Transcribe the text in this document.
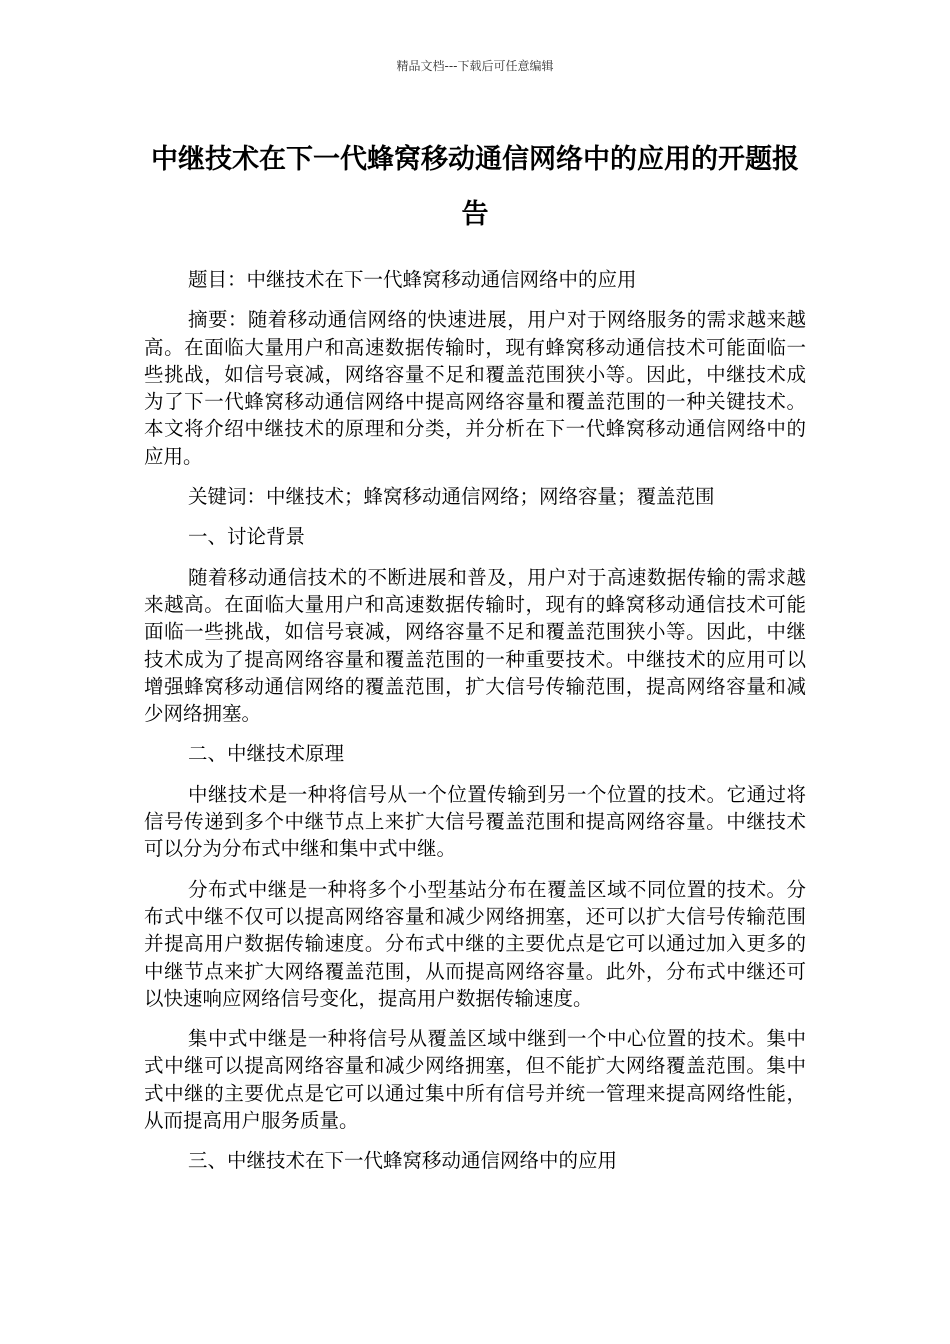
精品文档---下载后可任意编辑
中继技术在下一代蜂窝移动通信网络中的应用的开题报告

题目：中继技术在下一代蜂窝移动通信网络中的应用

摘要：随着移动通信网络的快速进展，用户对于网络服务的需求越来越高。在面临大量用户和高速数据传输时，现有蜂窝移动通信技术可能面临一些挑战，如信号衰减，网络容量不足和覆盖范围狭小等。因此，中继技术成为了下一代蜂窝移动通信网络中提高网络容量和覆盖范围的一种关键技术。本文将介绍中继技术的原理和分类，并分析在下一代蜂窝移动通信网络中的应用。

关键词：中继技术；蜂窝移动通信网络；网络容量；覆盖范围

一、讨论背景

随着移动通信技术的不断进展和普及，用户对于高速数据传输的需求越来越高。在面临大量用户和高速数据传输时，现有的蜂窝移动通信技术可能面临一些挑战，如信号衰减，网络容量不足和覆盖范围狭小等。因此，中继技术成为了提高网络容量和覆盖范围的一种重要技术。中继技术的应用可以增强蜂窝移动通信网络的覆盖范围，扩大信号传输范围，提高网络容量和减少网络拥塞。

二、中继技术原理

中继技术是一种将信号从一个位置传输到另一个位置的技术。它通过将信号传递到多个中继节点上来扩大信号覆盖范围和提高网络容量。中继技术可以分为分布式中继和集中式中继。

分布式中继是一种将多个小型基站分布在覆盖区域不同位置的技术。分布式中继不仅可以提高网络容量和减少网络拥塞，还可以扩大信号传输范围并提高用户数据传输速度。分布式中继的主要优点是它可以通过加入更多的中继节点来扩大网络覆盖范围，从而提高网络容量。此外，分布式中继还可以快速响应网络信号变化，提高用户数据传输速度。

集中式中继是一种将信号从覆盖区域中继到一个中心位置的技术。集中式中继可以提高网络容量和减少网络拥塞，但不能扩大网络覆盖范围。集中式中继的主要优点是它可以通过集中所有信号并统一管理来提高网络性能，从而提高用户服务质量。

三、中继技术在下一代蜂窝移动通信网络中的应用
